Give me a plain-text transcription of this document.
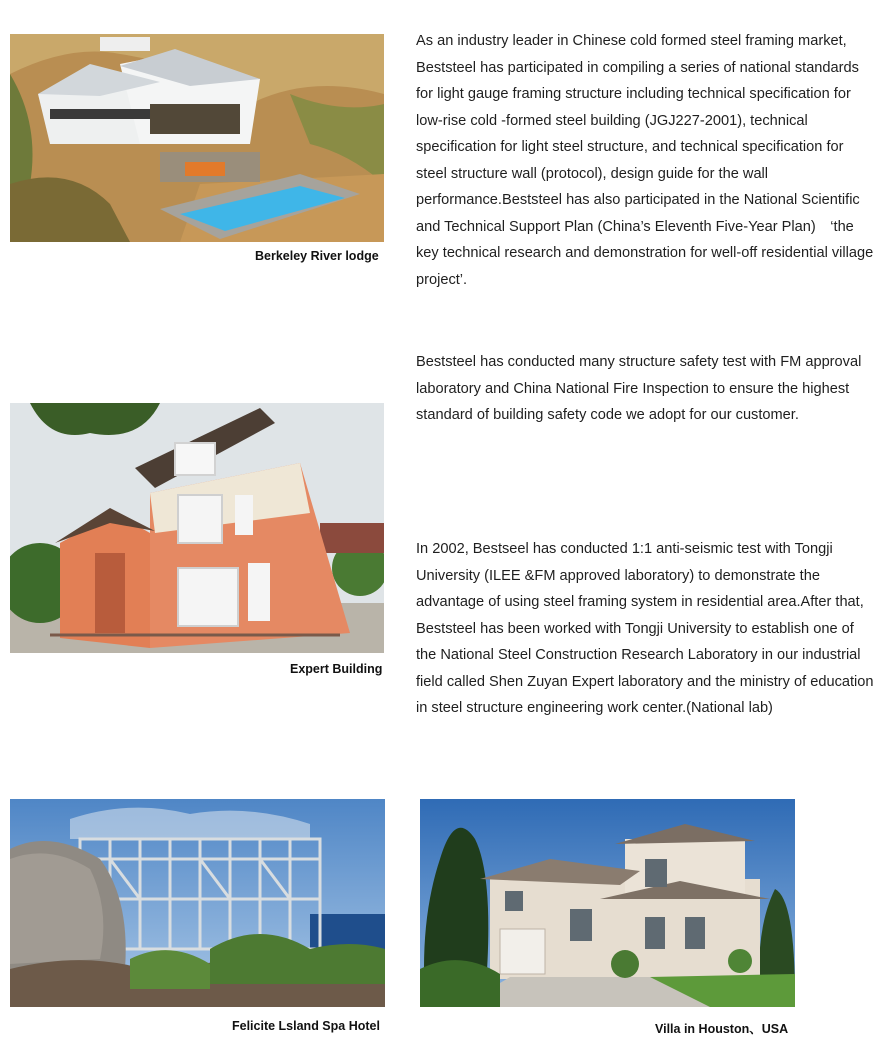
Berkeley River lodge

As an industry leader in Chinese cold formed steel framing market, Beststeel has participated in compiling a series of national standards for light gauge framing structure including technical specification for low-rise cold -formed steel building (JGJ227-2001), technical specification for light steel structure, and technical specification for steel structure wall (protocol), design guide for the wall performance.Beststeel has also participated in the National Scientific and Technical Support Plan (China’s Eleventh Five-Year Plan)　‘the key technical research and demonstration for well-off residential village project’.

Beststeel has conducted many structure safety test with FM approval laboratory and China National Fire Inspection to ensure the highest standard of building safety code we adopt for our customer.

Expert Building

In 2002, Bestseel has conducted 1:1 anti-seismic test with Tongji University (ILEE &FM approved laboratory) to demonstrate the advantage of using steel framing system in residential area.After that, Beststeel has been worked with Tongji University to establish one of the National Steel Construction Research Laboratory in our industrial field called Shen Zuyan Expert laboratory and the ministry of education in steel structure engineering work center.(National lab)

Felicite Lsland Spa Hotel	Villa in Houston、USA
